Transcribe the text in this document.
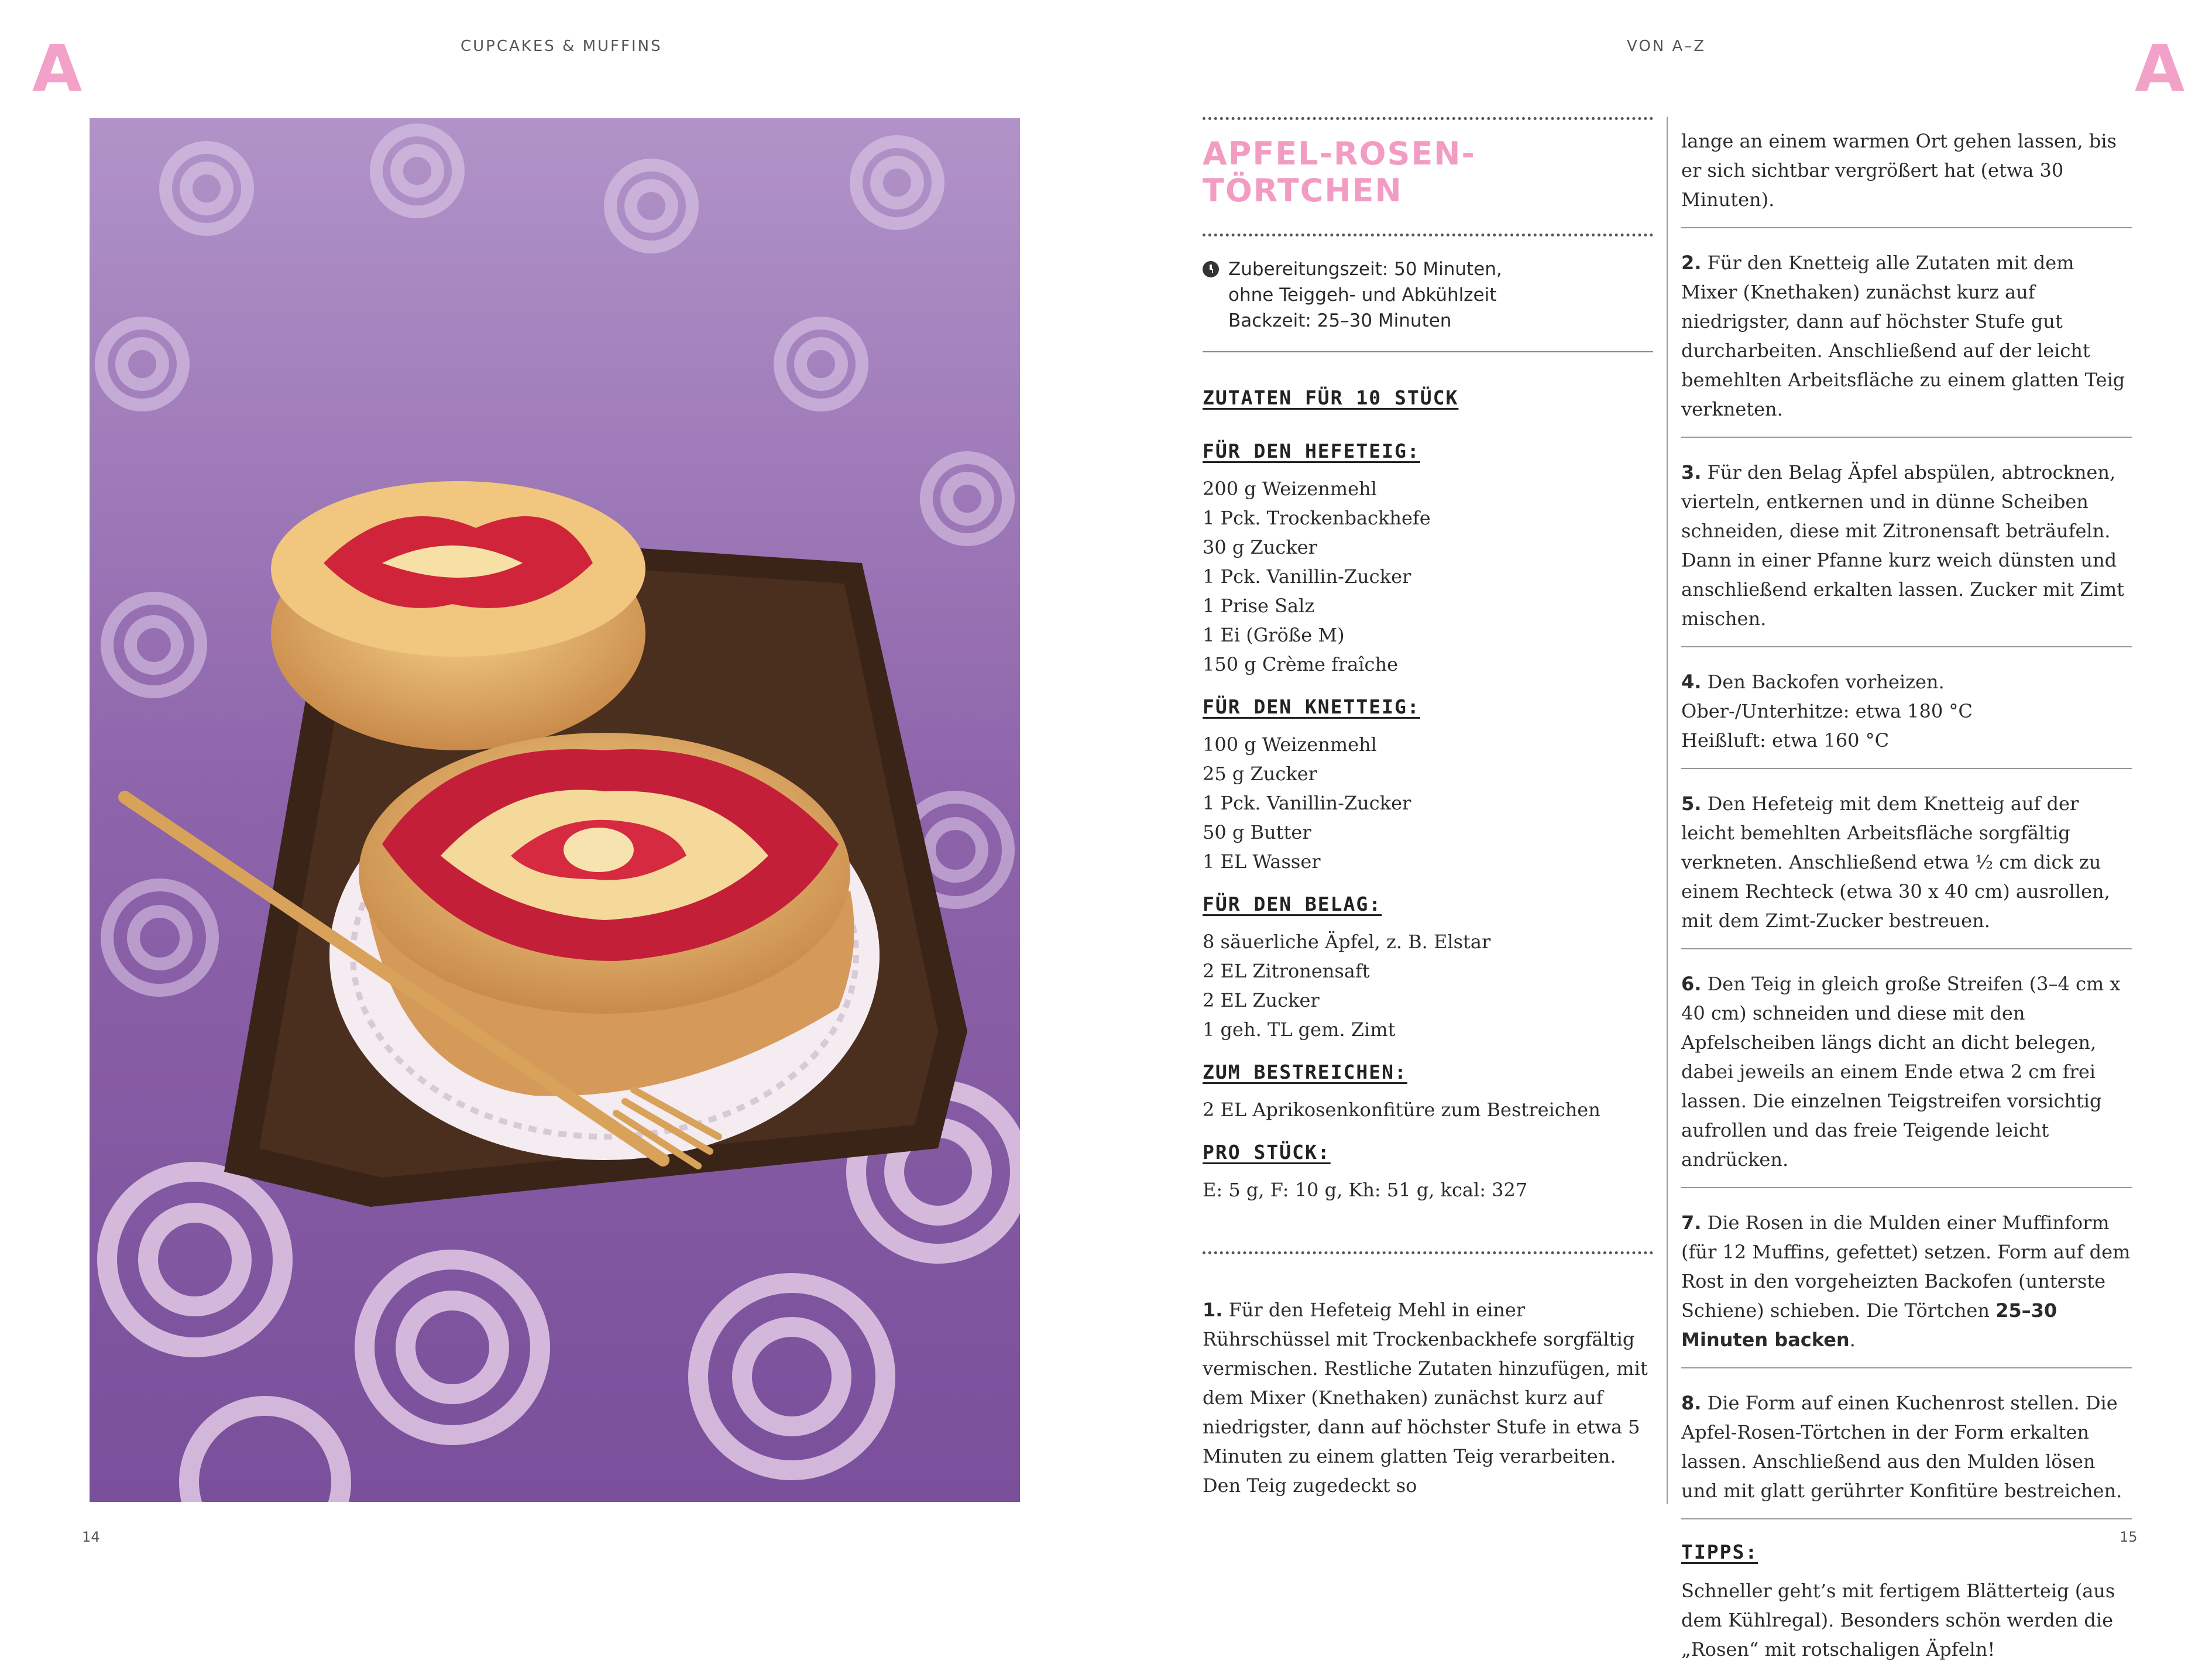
A	CUPCAKES & MUFFINS	VON A–Z	A
APFEL-ROSEN-TÖRTCHEN
Zubereitungszeit: 50 Minuten,
ohne Teiggeh- und Abkühlzeit
Backzeit: 25–30 Minuten
ZUTATEN FÜR 10 STÜCK
FÜR DEN HEFETEIG:
200 g Weizenmehl
1 Pck. Trockenbackhefe
30 g Zucker
1 Pck. Vanillin-Zucker
1 Prise Salz
1 Ei (Größe M)
150 g Crème fraîche
FÜR DEN KNETTEIG:
100 g Weizenmehl
25 g Zucker
1 Pck. Vanillin-Zucker
50 g Butter
1 EL Wasser
FÜR DEN BELAG:
8 säuerliche Äpfel, z. B. Elstar
2 EL Zitronensaft
2 EL Zucker
1 geh. TL gem. Zimt
ZUM BESTREICHEN:
2 EL Aprikosenkonfitüre zum Bestreichen
PRO STÜCK:
E: 5 g, F: 10 g, Kh: 51 g, kcal: 327
1. Für den Hefeteig Mehl in einer Rührschüssel mit Trockenbackhefe sorgfältig vermischen. Restliche Zutaten hinzufügen, mit dem Mixer (Knethaken) zunächst kurz auf niedrigster, dann auf höchster Stufe in etwa 5 Minuten zu einem glatten Teig verarbeiten. Den Teig zugedeckt so
lange an einem warmen Ort gehen lassen, bis er sich sichtbar vergrößert hat (etwa 30 Minuten).
2. Für den Knetteig alle Zutaten mit dem Mixer (Knethaken) zunächst kurz auf niedrigster, dann auf höchster Stufe gut durcharbeiten. Anschließend auf der leicht bemehlten Arbeitsfläche zu einem glatten Teig verkneten.
3. Für den Belag Äpfel abspülen, abtrocknen, vierteln, entkernen und in dünne Scheiben schneiden, diese mit Zitronensaft beträufeln. Dann in einer Pfanne kurz weich dünsten und anschließend erkalten lassen. Zucker mit Zimt mischen.
4. Den Backofen vorheizen.
Ober-/Unterhitze: etwa 180 °C
Heißluft: etwa 160 °C
5. Den Hefeteig mit dem Knetteig auf der leicht bemehlten Arbeitsfläche sorgfältig verkneten. Anschließend etwa ½ cm dick zu einem Rechteck (etwa 30 x 40 cm) ausrollen, mit dem Zimt-Zucker bestreuen.
6. Den Teig in gleich große Streifen (3–4 cm x 40 cm) schneiden und diese mit den Apfelscheiben längs dicht an dicht belegen, dabei jeweils an einem Ende etwa 2 cm frei lassen. Die einzelnen Teigstreifen vorsichtig aufrollen und das freie Teigende leicht andrücken.
7. Die Rosen in die Mulden einer Muffinform (für 12 Muffins, gefettet) setzen. Form auf dem Rost in den vorgeheizten Backofen (unterste Schiene) schieben. Die Törtchen 25–30 Minuten backen.
8. Die Form auf einen Kuchenrost stellen. Die Apfel-Rosen-Törtchen in der Form erkalten lassen. Anschließend aus den Mulden lösen und mit glatt gerührter Konfitüre bestreichen.
TIPPS:
Schneller geht’s mit fertigem Blätterteig (aus dem Kühlregal). Besonders schön werden die „Rosen“ mit rotschaligen Äpfeln!
14	15
